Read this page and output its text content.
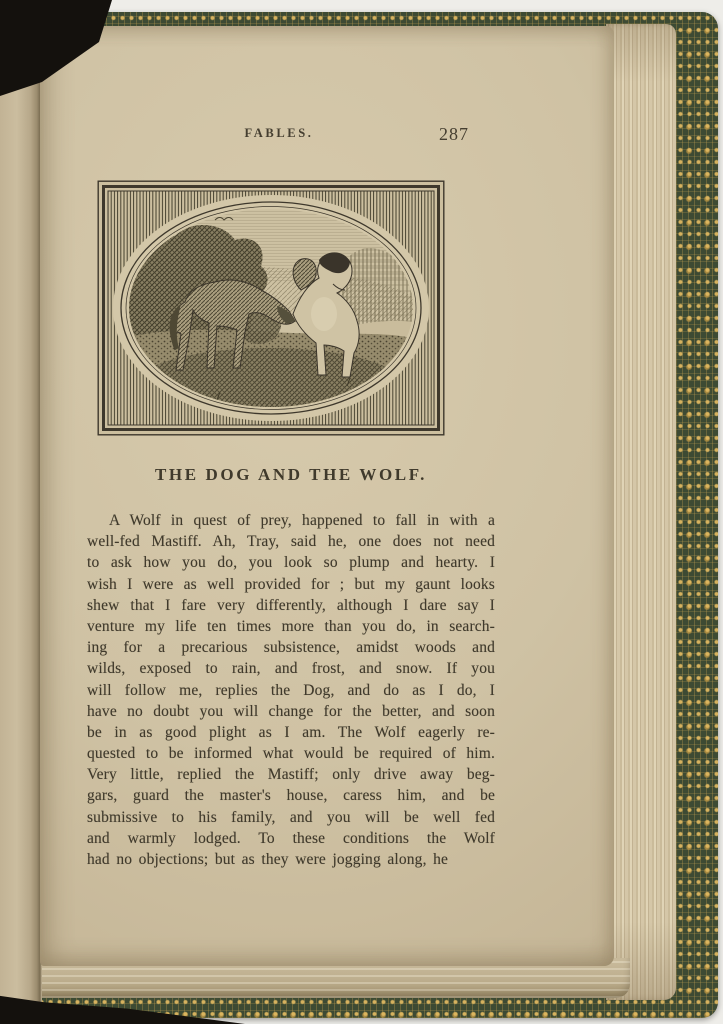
FABLES.	287
THE DOG AND THE WOLF.
A Wolf in quest of prey, happened to fall in with a
well-fed Mastiff. Ah, Tray, said he, one does not need
to ask how you do, you look so plump and hearty. I
wish I were as well provided for ; but my gaunt looks
shew that I fare very differently, although I dare say I
venture my life ten times more than you do, in search-
ing for a precarious subsistence, amidst woods and
wilds, exposed to rain, and frost, and snow. If you
will follow me, replies the Dog, and do as I do, I
have no doubt you will change for the better, and soon
be in as good plight as I am. The Wolf eagerly re-
quested to be informed what would be required of him.
Very little, replied the Mastiff; only drive away beg-
gars, guard the master's house, caress him, and be
submissive to his family, and you will be well fed
and warmly lodged. To these conditions the Wolf
had no objections; but as they were jogging along, he
